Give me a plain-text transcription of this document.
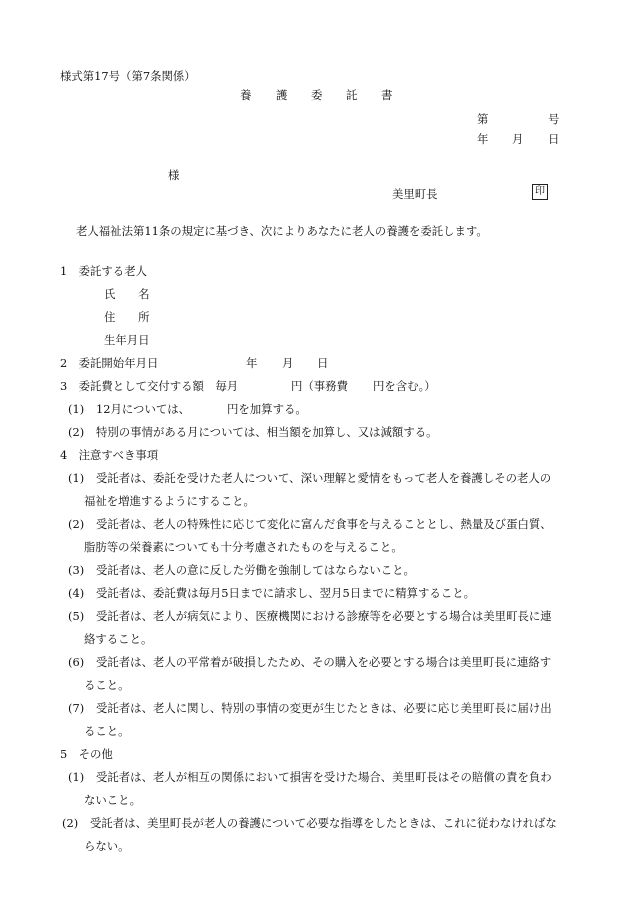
様式第17号（第7条関係）
養 護 委 託 書
第	号
年 月 日
様
美里町長	印
老人福祉法第11条の規定に基づき、次によりあなたに老人の養護を委託します。
1　委託する老人
氏　　名
住　　所
生年月日
2　委託開始年月日	年 月 日
3　委託費として交付する額　毎月	円（事務費 円を含む。）
(1) 12月については、	円を加算する。
(2) 特別の事情がある月については、相当額を加算し、又は減額する。
4　注意すべき事項
(1) 受託者は、委託を受けた老人について、深い理解と愛情をもって老人を養護しその老人の
福祉を増進するようにすること。
(2) 受託者は、老人の特殊性に応じて変化に富んだ食事を与えることとし、熱量及び蛋白質、
脂肪等の栄養素についても十分考慮されたものを与えること。
(3) 受託者は、老人の意に反した労働を強制してはならないこと。
(4) 受託者は、委託費は毎月5日までに請求し、翌月5日までに精算すること。
(5) 受託者は、老人が病気により、医療機関における診療等を必要とする場合は美里町長に連
絡すること。
(6) 受託者は、老人の平常着が破損したため、その購入を必要とする場合は美里町長に連絡す
ること。
(7) 受託者は、老人に関し、特別の事情の変更が生じたときは、必要に応じ美里町長に届け出
ること。
5　その他
(1) 受託者は、老人が相互の関係において損害を受けた場合、美里町長はその賠償の責を負わ
ないこと。
(2) 受託者は、美里町長が老人の養護について必要な指導をしたときは、これに従わなければな
らない。
